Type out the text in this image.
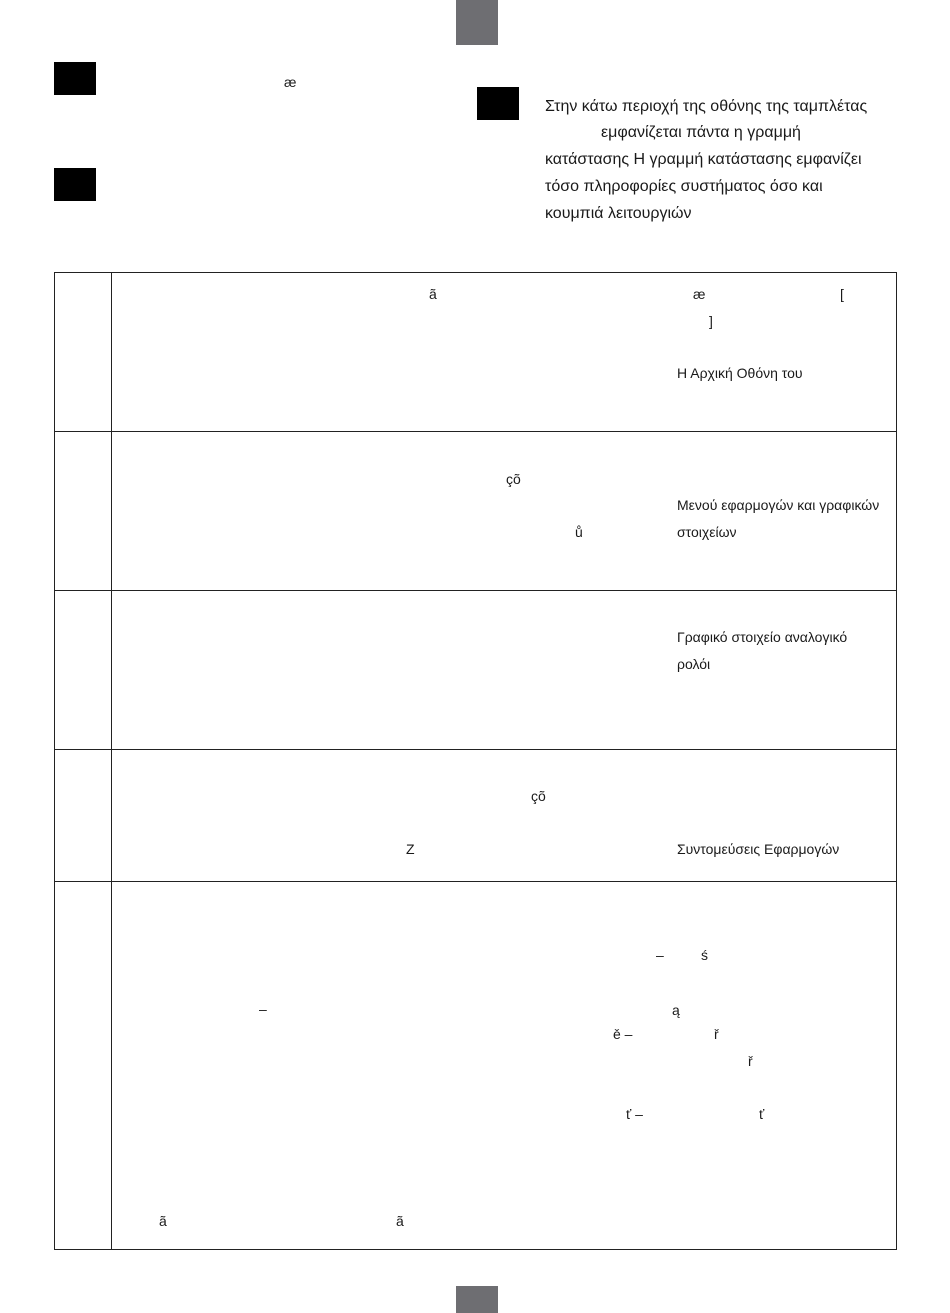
æ
Στην κάτω περιοχή της οθόνης της ταμπλέτας
εμφανίζεται πάντα η γραμμή
κατάστασης Η γραμμή κατάστασης εμφανίζει
τόσο πληροφορίες συστήματος όσο και
κουμπιά λειτουργιών
ã	æ	[
]
Η Αρχική Οθόνη του
çõ
ů
Μενού εφαρμογών και γραφικών
στοιχείων
Γραφικό στοιχείο αναλογικό
ρολόι
çõ
Z	Συντομεύσεις Εφαρμογών
–	ś
–	ą
ě –	ř
ř
ť –	ť
ã	ã
